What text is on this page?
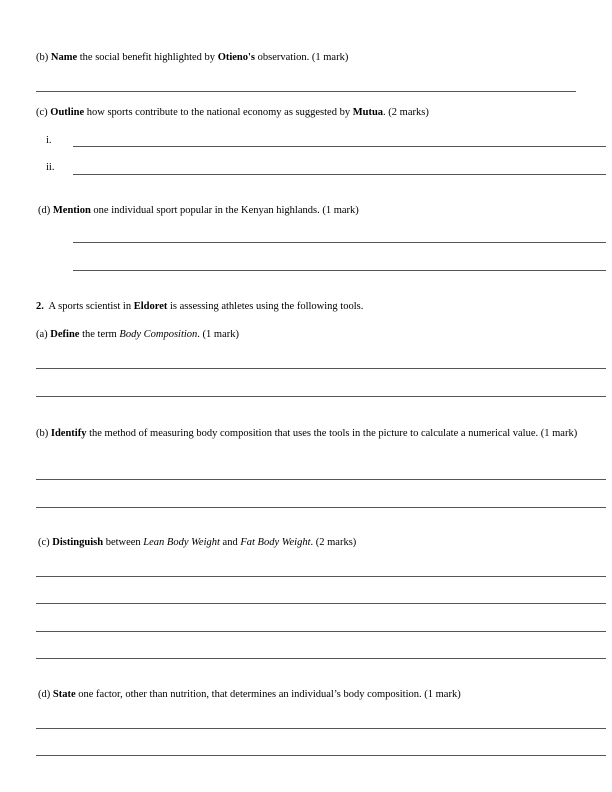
(b) Name the social benefit highlighted by Otieno's observation. (1 mark)
(c) Outline how sports contribute to the national economy as suggested by Mutua. (2 marks)
i.
ii.
(d) Mention one individual sport popular in the Kenyan highlands. (1 mark)
2.  A sports scientist in Eldoret is assessing athletes using the following tools.
(a) Define the term Body Composition. (1 mark)
(b) Identify the method of measuring body composition that uses the tools in the picture to calculate a numerical value. (1 mark)
(c) Distinguish between Lean Body Weight and Fat Body Weight. (2 marks)
(d) State one factor, other than nutrition, that determines an individual’s body composition. (1 mark)
